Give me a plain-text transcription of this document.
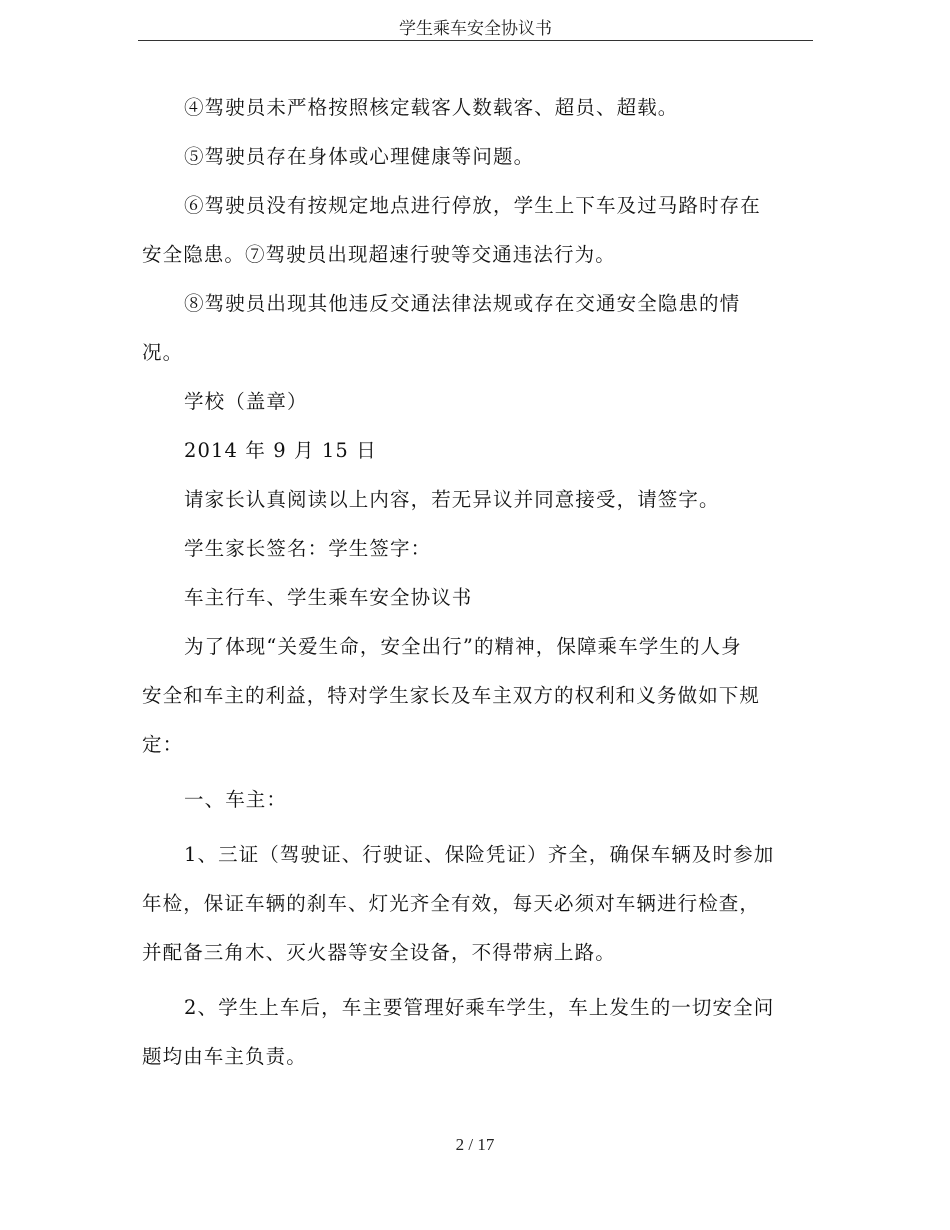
学生乘车安全协议书

④驾驶员未严格按照核定载客人数载客、超员、超载。

⑤驾驶员存在身体或心理健康等问题。

⑥驾驶员没有按规定地点进行停放，学生上下车及过马路时存在

安全隐患。⑦驾驶员出现超速行驶等交通违法行为。

⑧驾驶员出现其他违反交通法律法规或存在交通安全隐患的情

况。

学校（盖章）

2014 年 9 月 15 日

请家长认真阅读以上内容，若无异议并同意接受，请签字。

学生家长签名：学生签字：

车主行车、学生乘车安全协议书

为了体现“关爱生命，安全出行”的精神，保障乘车学生的人身

安全和车主的利益，特对学生家长及车主双方的权利和义务做如下规

定：

一、车主：

1、三证（驾驶证、行驶证、保险凭证）齐全，确保车辆及时参加

年检，保证车辆的刹车、灯光齐全有效，每天必须对车辆进行检查，

并配备三角木、灭火器等安全设备，不得带病上路。

2、学生上车后，车主要管理好乘车学生，车上发生的一切安全问

题均由车主负责。

2 / 17
